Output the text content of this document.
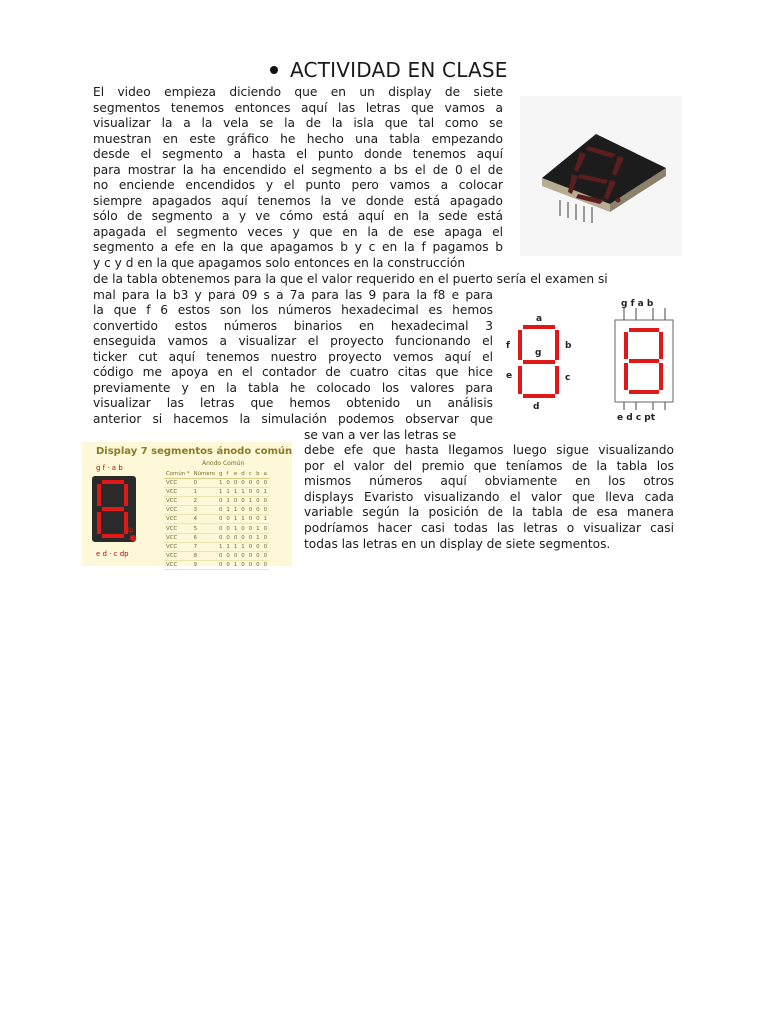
ACTIVIDAD EN CLASE
El video empieza diciendo que en un display de siete
segmentos tenemos entonces aquí las letras que vamos a
visualizar la a la vela se la de la isla que tal como se
muestran en este gráfico he hecho una tabla empezando
desde el segmento a hasta el punto donde tenemos aquí
para mostrar la ha encendido el segmento a bs el de 0 el de
no enciende encendidos y el punto pero vamos a colocar
siempre apagados aquí tenemos la ve donde está apagado
sólo de segmento a y ve cómo está aquí en la sede está
apagada el segmento veces y que en la de ese apaga el
segmento a efe en la que apagamos b y c en la f pagamos b
y c y d en la que apagamos solo entonces en la construcción
de la tabla obtenemos para la que el valor requerido en el puerto sería el examen si
mal para la b3 y para 09 s a 7a para las 9 para la f8 e para
la que f 6 estos son los números hexadecimal es hemos
convertido estos números binarios en hexadecimal 3
enseguida vamos a visualizar el proyecto funcionando el
ticker cut aquí tenemos nuestro proyecto vemos aquí el
código me apoya en el contador de cuatro citas que hice
previamente y en la tabla he colocado los valores para
visualizar las letras que hemos obtenido un análisis
anterior si hacemos la simulación podemos observar que
se van a ver las letras se
debe efe que hasta llegamos luego sigue visualizando
por el valor del premio que teníamos de la tabla los
mismos números aquí obviamente en los otros
displays Evaristo visualizando el valor que lleva cada
variable según la posición de la tabla de esa manera
podríamos hacer casi todas las letras o visualizar casi
todas las letras en un display de siete segmentos.
a
b
c
d
e
f
g
g f a b
e d c pt
Display 7 segmentos ánodo común
g f · a b
dp
e d · c dp
Ánodo Común
Común *	Número	g	f	e	d	c	b	a
VCC	0	1	0	0	0	0	0	0
VCC	1	1	1	1	1	0	0	1
VCC	2	0	1	0	0	1	0	0
VCC	3	0	1	1	0	0	0	0
VCC	4	0	0	1	1	0	0	1
VCC	5	0	0	1	0	0	1	0
VCC	6	0	0	0	0	0	1	0
VCC	7	1	1	1	1	0	0	0
VCC	8	0	0	0	0	0	0	0
VCC	9	0	0	1	0	0	0	0
